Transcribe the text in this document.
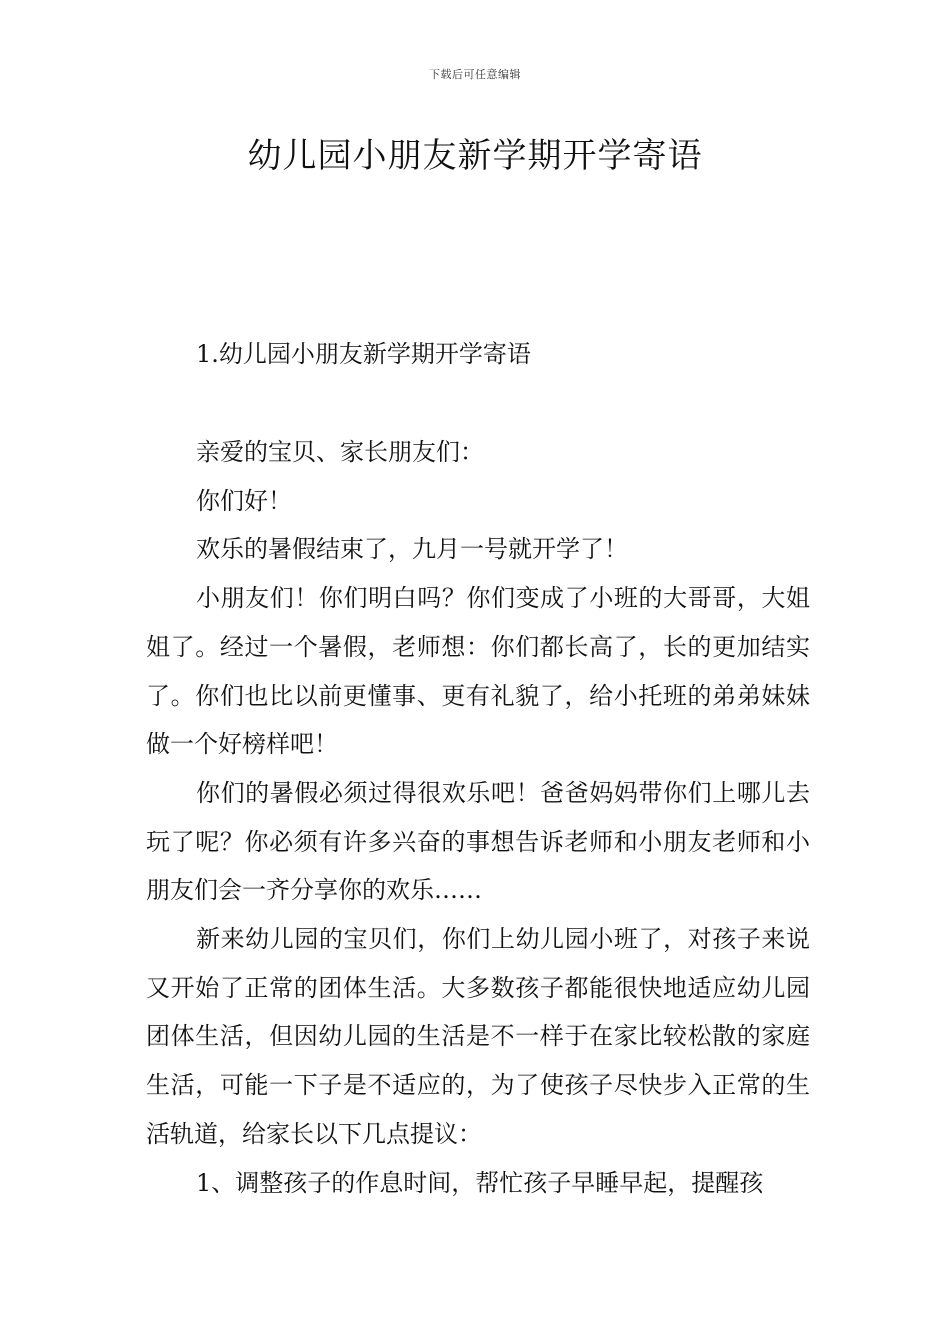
下载后可任意编辑
幼儿园小朋友新学期开学寄语
1.幼儿园小朋友新学期开学寄语

亲爱的宝贝、家长朋友们：

你们好！

欢乐的暑假结束了，九月一号就开学了！

小朋友们！你们明白吗？你们变成了小班的大哥哥，大姐姐了。经过一个暑假，老师想：你们都长高了，长的更加结实了。你们也比以前更懂事、更有礼貌了，给小托班的弟弟妹妹做一个好榜样吧！

你们的暑假必须过得很欢乐吧！爸爸妈妈带你们上哪儿去玩了呢？你必须有许多兴奋的事想告诉老师和小朋友老师和小朋友们会一齐分享你的欢乐……

新来幼儿园的宝贝们，你们上幼儿园小班了，对孩子来说又开始了正常的团体生活。大多数孩子都能很快地适应幼儿园团体生活，但因幼儿园的生活是不一样于在家比较松散的家庭生活，可能一下子是不适应的，为了使孩子尽快步入正常的生活轨道，给家长以下几点提议：

1、调整孩子的作息时间，帮忙孩子早睡早起，提醒孩
